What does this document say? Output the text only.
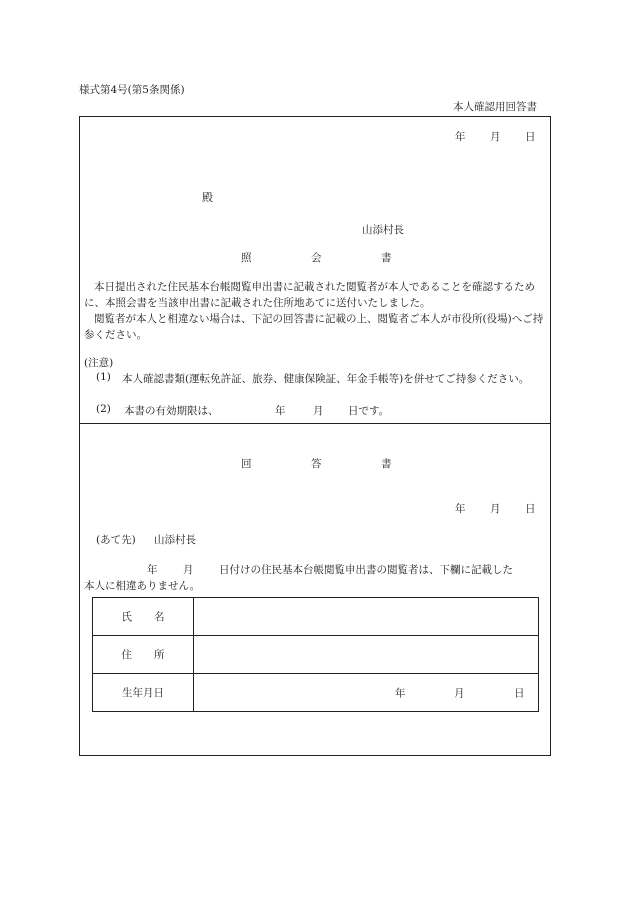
様式第4号(第5条関係)
本人確認用回答書
年 月 日
殿
山添村長
照	会	書
本日提出された住民基本台帳閲覧申出書に記載された閲覧者が本人であることを確認するために、本照会書を当該申出書に記載された住所地あてに送付いたしました。
閲覧者が本人と相違ない場合は、下記の回答書に記載の上、閲覧者ご本人が市役所(役場)へご持参ください。
(注意)
(1) 本人確認書類(運転免許証、旅券、健康保険証、年金手帳等)を併せてご持参ください。
(2) 本書の有効期限は、	年	月 日です。
回	答	書
年 月 日
(あて先) 山添村長
年 月 日付けの住民基本台帳閲覧申出書の閲覧者は、下欄に記載した
本人に相違ありません。
氏 名	
住 所	
生年月日	年 月 日
